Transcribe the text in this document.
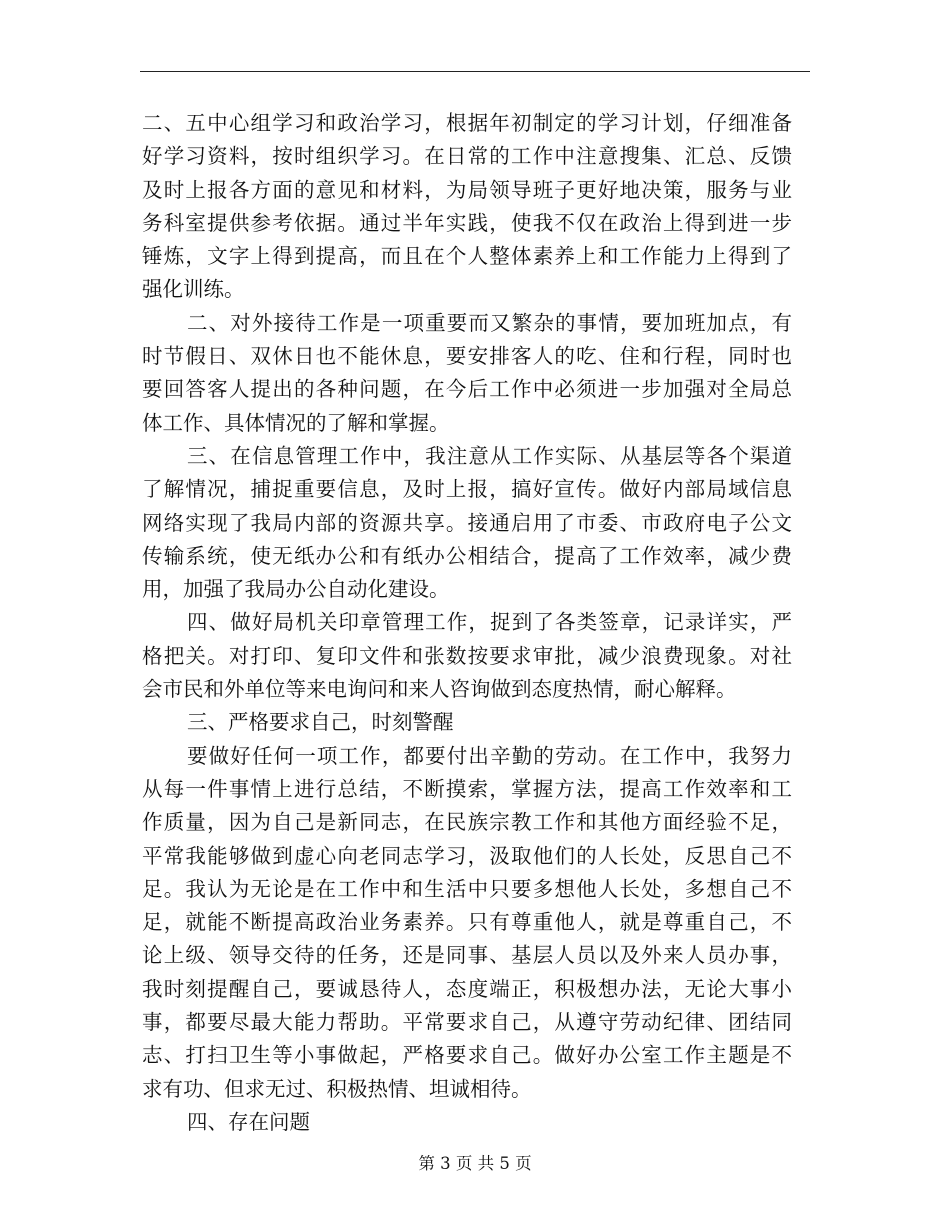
二、五中心组学习和政治学习，根据年初制定的学习计划，仔细准备
好学习资料，按时组织学习。在日常的工作中注意搜集、汇总、反馈
及时上报各方面的意见和材料，为局领导班子更好地决策，服务与业
务科室提供参考依据。通过半年实践，使我不仅在政治上得到进一步
锤炼，文字上得到提高，而且在个人整体素养上和工作能力上得到了
强化训练。
二、对外接待工作是一项重要而又繁杂的事情，要加班加点，有
时节假日、双休日也不能休息，要安排客人的吃、住和行程，同时也
要回答客人提出的各种问题，在今后工作中必须进一步加强对全局总
体工作、具体情况的了解和掌握。
三、在信息管理工作中，我注意从工作实际、从基层等各个渠道
了解情况，捕捉重要信息，及时上报，搞好宣传。做好内部局域信息
网络实现了我局内部的资源共享。接通启用了市委、市政府电子公文
传输系统，使无纸办公和有纸办公相结合，提高了工作效率，减少费
用，加强了我局办公自动化建设。
四、做好局机关印章管理工作，捉到了各类签章，记录详实，严
格把关。对打印、复印文件和张数按要求审批，减少浪费现象。对社
会市民和外单位等来电询问和来人咨询做到态度热情，耐心解释。
三、严格要求自己，时刻警醒
要做好任何一项工作，都要付出辛勤的劳动。在工作中，我努力
从每一件事情上进行总结，不断摸索，掌握方法，提高工作效率和工
作质量，因为自己是新同志，在民族宗教工作和其他方面经验不足，
平常我能够做到虚心向老同志学习，汲取他们的人长处，反思自己不
足。我认为无论是在工作中和生活中只要多想他人长处，多想自己不
足，就能不断提高政治业务素养。只有尊重他人，就是尊重自己，不
论上级、领导交待的任务，还是同事、基层人员以及外来人员办事，
我时刻提醒自己，要诚恳待人，态度端正，积极想办法，无论大事小
事，都要尽最大能力帮助。平常要求自己，从遵守劳动纪律、团结同
志、打扫卫生等小事做起，严格要求自己。做好办公室工作主题是不
求有功、但求无过、积极热情、坦诚相待。
四、存在问题
第 3 页 共 5 页
